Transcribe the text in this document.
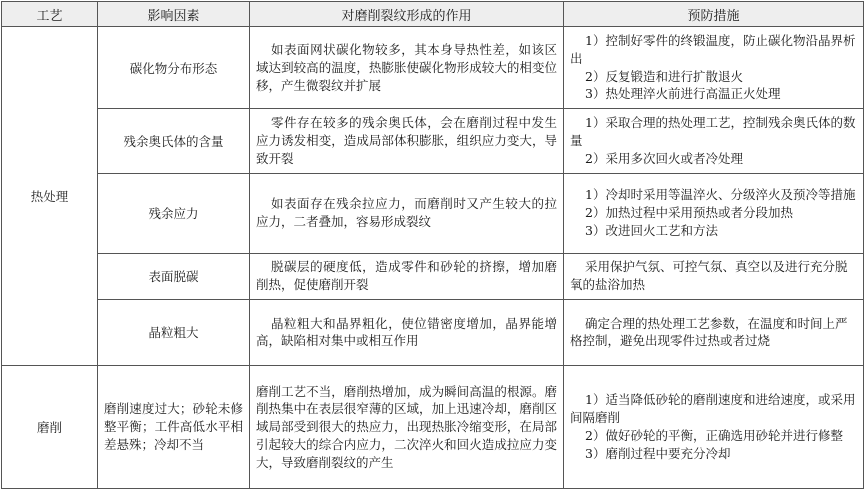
工艺	影响因素	对磨削裂纹形成的作用	预防措施
热处理	碳化物分布形态	如表面网状碳化物较多，其本身导热性差，如该区域达到较高的温度，热膨胀使碳化物形成较大的相变位移，产生微裂纹并扩展	1）控制好零件的终锻温度，防止碳化物沿晶界析出
2）反复锻造和进行扩散退火
3）热处理淬火前进行高温正火处理

	残余奥氏体的含量	零件存在较多的残余奥氏体，会在磨削过程中发生应力诱发相变，造成局部体积膨胀，组织应力变大，导致开裂	1）采取合理的热处理工艺，控制残余奥氏体的数量
2）采用多次回火或者冷处理

	残余应力	如表面存在残余拉应力，而磨削时又产生较大的拉应力，二者叠加，容易形成裂纹	1）冷却时采用等温淬火、分级淬火及预冷等措施
2）加热过程中采用预热或者分段加热
3）改进回火工艺和方法

	表面脱碳	脱碳层的硬度低，造成零件和砂轮的挤擦，增加磨削热，促使磨削开裂	采用保护气氛、可控气氛、真空以及进行充分脱氧的盐浴加热

	晶粒粗大	晶粒粗大和晶界粗化，使位错密度增加，晶界能增高，缺陷相对集中或相互作用	确定合理的热处理工艺参数，在温度和时间上严格控制，避免出现零件过热或者过烧

磨削	磨削速度过大；砂轮未修整平衡；工件高低水平相差悬殊；冷却不当	磨削工艺不当，磨削热增加，成为瞬间高温的根源。磨削热集中在表层很窄薄的区域，加上迅速冷却，磨削区域局部受到很大的热应力，出现热胀冷缩变形，在局部引起较大的综合内应力，二次淬火和回火造成拉应力变大，导致磨削裂纹的产生	1）适当降低砂轮的磨削速度和进给速度，或采用间隔磨削
2）做好砂轮的平衡，正确选用砂轮并进行修整
3）磨削过程中要充分冷却
